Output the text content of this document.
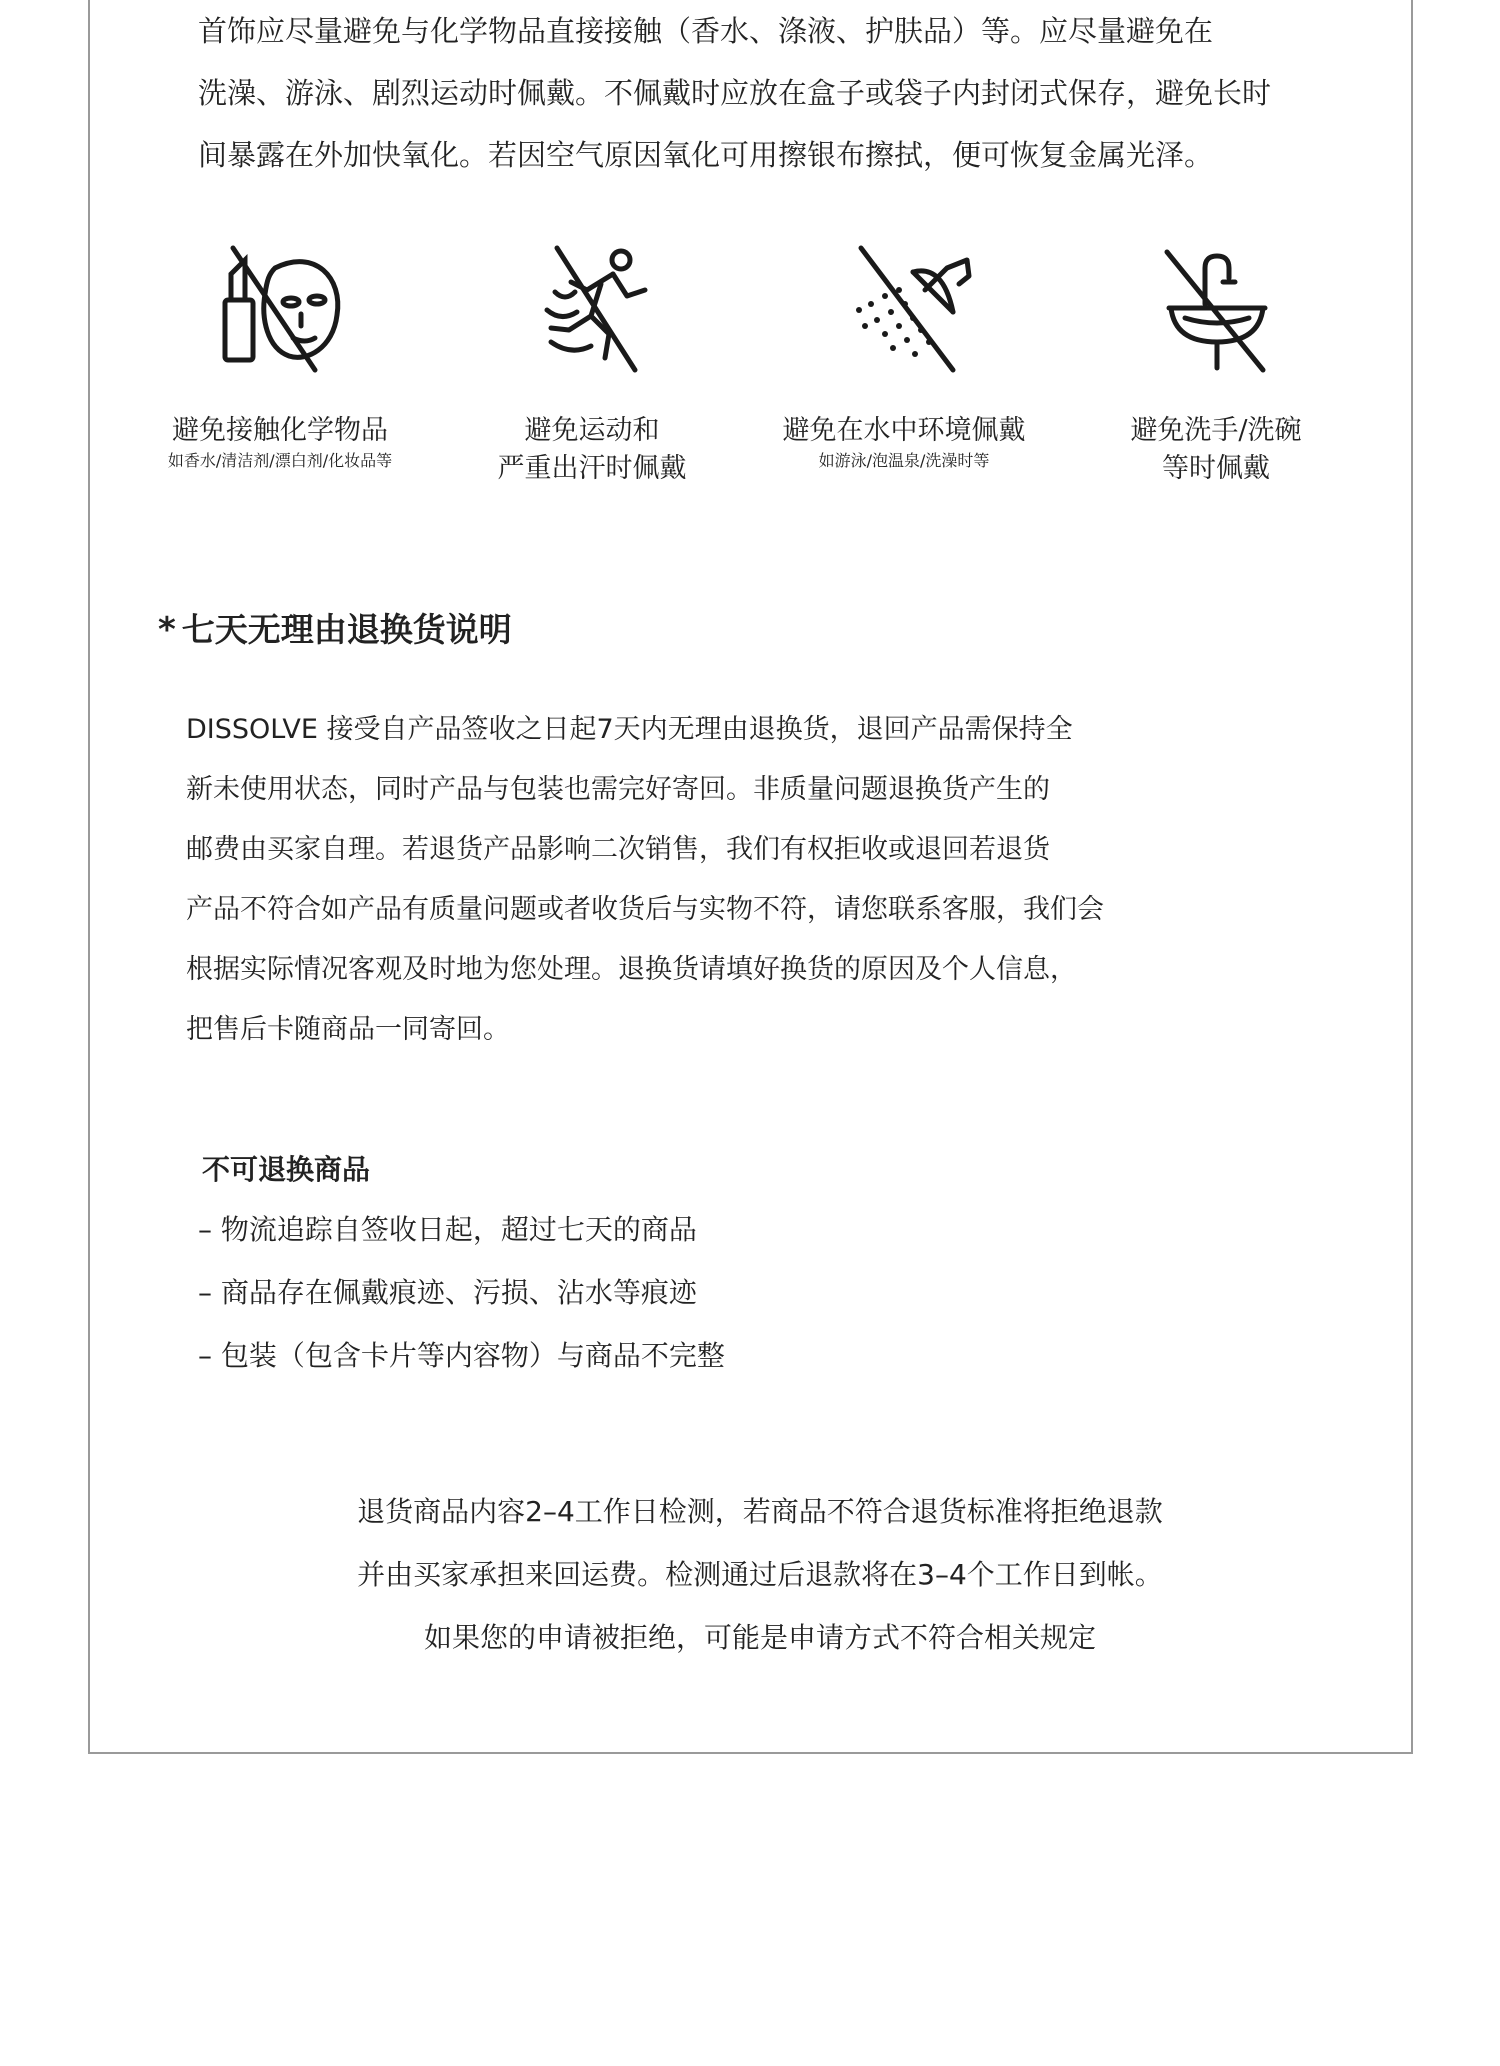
首饰应尽量避免与化学物品直接接触（香水、涤液、护肤品）等。应尽量避免在

洗澡、游泳、剧烈运动时佩戴。不佩戴时应放在盒子或袋子内封闭式保存，避免长时

间暴露在外加快氧化。若因空气原因氧化可用擦银布擦拭，便可恢复金属光泽。

避免接触化学物品
如香水/清洁剂/漂白剂/化妆品等
避免运动和
严重出汗时佩戴
避免在水中环境佩戴
如游泳/泡温泉/洗澡时等
避免洗手/洗碗
等时佩戴
* 七天无理由退换货说明

DISSOLVE 接受自产品签收之日起7天内无理由退换货，退回产品需保持全

新未使用状态，同时产品与包装也需完好寄回。非质量问题退换货产生的

邮费由买家自理。若退货产品影响二次销售，我们有权拒收或退回若退货

产品不符合如产品有质量问题或者收货后与实物不符，请您联系客服，我们会

根据实际情况客观及时地为您处理。退换货请填好换货的原因及个人信息，

把售后卡随商品一同寄回。

不可退换商品
– 物流追踪自签收日起，超过七天的商品
– 商品存在佩戴痕迹、污损、沾水等痕迹
– 包装（包含卡片等内容物）与商品不完整

退货商品内容2–4工作日检测，若商品不符合退货标准将拒绝退款

并由买家承担来回运费。检测通过后退款将在3–4个工作日到帐。

如果您的申请被拒绝，可能是申请方式不符合相关规定
